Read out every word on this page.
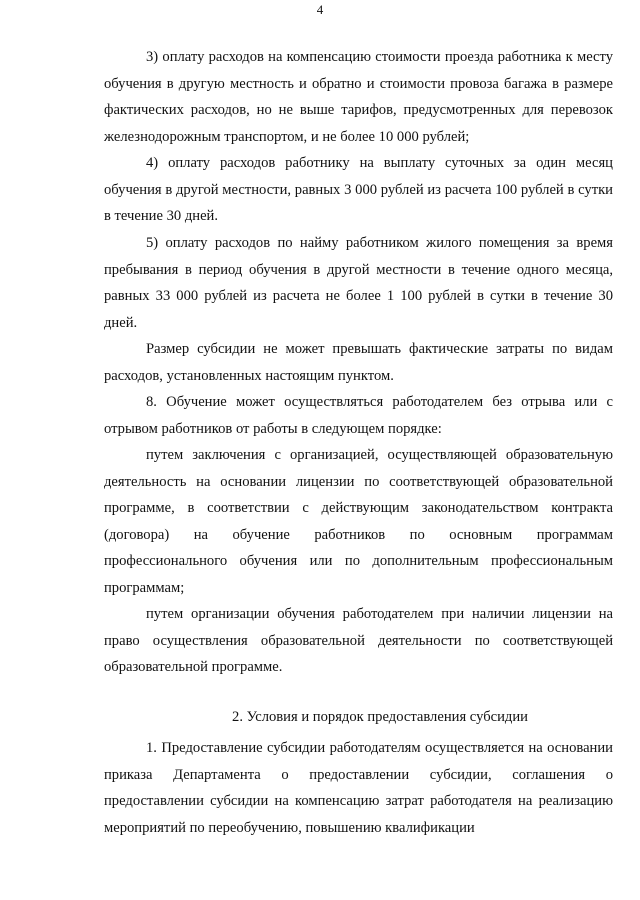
4

3) оплату расходов на компенсацию стоимости проезда работника к месту обучения в другую местность и обратно и стоимости провоза багажа в размере фактических расходов, но не выше тарифов, предусмотренных для перевозок железнодорожным транспортом, и не более 10 000 рублей;

4) оплату расходов работнику на выплату суточных за один месяц обучения в другой местности, равных 3 000 рублей из расчета 100 рублей в сутки в течение 30 дней.

5) оплату расходов по найму работником жилого помещения за время пребывания в период обучения в другой местности в течение одного месяца, равных 33 000 рублей из расчета не более 1 100 рублей в сутки в течение 30 дней.

Размер субсидии не может превышать фактические затраты по видам расходов, установленных настоящим пунктом.

8. Обучение может осуществляться работодателем без отрыва или с отрывом работников от работы в следующем порядке:

путем заключения с организацией, осуществляющей образовательную деятельность на основании лицензии по соответствующей образовательной программе, в соответствии с действующим законодательством контракта (договора) на обучение работников по основным программам профессионального обучения или по дополнительным профессиональным программам;

путем организации обучения работодателем при наличии лицензии на право осуществления образовательной деятельности по соответствующей образовательной программе.

2. Условия и порядок предоставления субсидии

1. Предоставление субсидии работодателям осуществляется на основании приказа Департамента о предоставлении субсидии, соглашения о предоставлении субсидии на компенсацию затрат работодателя на реализацию мероприятий по переобучению, повышению квалификации
